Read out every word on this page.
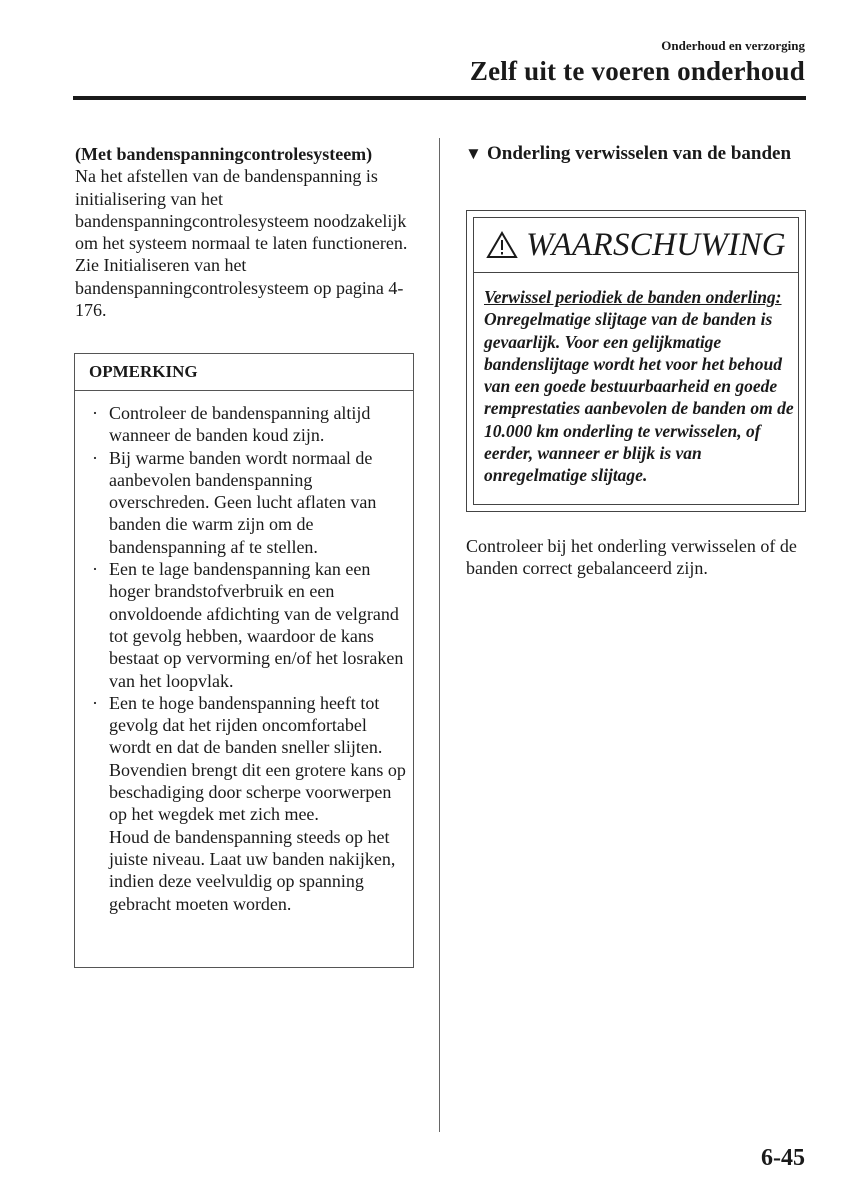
Onderhoud en verzorging
Zelf uit te voeren onderhoud
(Met bandenspanningcontrolesysteem)

Na het afstellen van de bandenspanning is initialisering van het bandenspanningcontrolesysteem noodzakelijk om het systeem normaal te laten functioneren.

Zie Initialiseren van het bandenspanningcontrolesysteem op pagina 4-176.

OPMERKING
· Controleer de bandenspanning altijd wanneer de banden koud zijn.
· Bij warme banden wordt normaal de aanbevolen bandenspanning overschreden. Geen lucht aflaten van banden die warm zijn om de bandenspanning af te stellen.
· Een te lage bandenspanning kan een hoger brandstofverbruik en een onvoldoende afdichting van de velgrand tot gevolg hebben, waardoor de kans bestaat op vervorming en/of het losraken van het loopvlak.
· Een te hoge bandenspanning heeft tot gevolg dat het rijden oncomfortabel wordt en dat de banden sneller slijten. Bovendien brengt dit een grotere kans op beschadiging door scherpe voorwerpen op het wegdek met zich mee.
Houd de bandenspanning steeds op het juiste niveau. Laat uw banden nakijken, indien deze veelvuldig op spanning gebracht moeten worden.
▼ Onderling verwisselen van de banden
WAARSCHUWING
Verwissel periodiek de banden onderling:
Onregelmatige slijtage van de banden is gevaarlijk. Voor een gelijkmatige bandenslijtage wordt het voor het behoud van een goede bestuurbaarheid en goede remprestaties aanbevolen de banden om de 10.000 km onderling te verwisselen, of eerder, wanneer er blijk is van onregelmatige slijtage.

Controleer bij het onderling verwisselen of de banden correct gebalanceerd zijn.

6-45
